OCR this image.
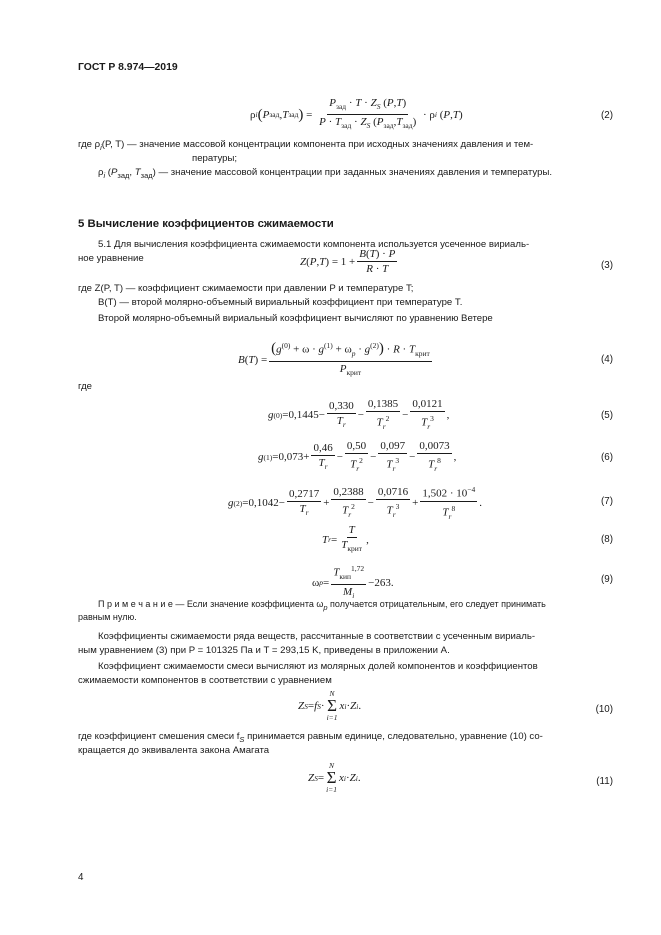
ГОСТ Р 8.974—2019
ρ i ( P зад , T зад ) = $\frac{P_{зад} \cdot T \cdot Z_S (P,T)}{P \cdot T_{зад} \cdot Z_S (P_{зад},T_{зад})} \cdot \rho$ i ( P , T )	(2)
где $\rho_i(P$, T) — значение массовой концентрации компонента при исходных значениях давления и тем-
пературы;
$\rho_i$ ($P_{зад}$, $T_{зад}$) — значение массовой концентрации при заданных значениях давления и температуры.
5 Вычисление коэффициентов сжимаемости
5.1 Для вычисления коэффициента сжимаемости компонента используется усеченное вириаль-
ное уравнение	Z ( P , T ) = $1 + \frac{B(T) \cdot P}{R \cdot T}$	(3)
где Z(P, T) — коэффициент сжимаемости при давлении P и температуре T;
B(T) — второй молярно-объемный вириальный коэффициент при температуре T.
Второй молярно-объемный вириальный коэффициент вычисляют по уравнению Ветере
B ( T ) = $\frac{(g^{(0)} + \omega \cdot g^{(1)} + \omega_p \cdot g^{(2)}) \cdot R \cdot T_{крит}}{P_{крит}}$	(4)
где
g $(0) = 0,1445 - \frac{0,330}{T_r} - \frac{0,1385}{T_r^2} - \frac{0,0121}{T_r^3}$ ,	(5)
g $(1) = 0,073 + \frac{0,46}{T_r} - \frac{0,50}{T_r^2} - \frac{0,097}{T_r^3} - \frac{0,0073}{T_r^8}$ ,	(6)
g $(2) = 0,1042 - \frac{0,2717}{T_r} + \frac{0,2388}{T_r^2} - \frac{0,0716}{T_r^3} + \frac{1,502 \cdot 10^{-4}}{T_r^8}$ .	(7)
T $r = \frac{T}{T_{крит}}$ ,	(8)
ω $p = \frac{T_{кип}^{1,72}}{M_i} - 263$ .	(9)
П р и м е ч а н и е — Если значение коэффициента $\omega_p$ получается отрицательным, его следует принимать
равным нулю.
Коэффициенты сжимаемости ряда веществ, рассчитанные в соответствии с усеченным вириаль-
ным уравнением (3) при P = 101325 Па и T = 293,15 K, приведены в приложении А.
Коэффициент сжимаемости смеси вычисляют из молярных долей компонентов и коэффициентов
сжимаемости компонентов в соответствии с уравнением
Z S = f S ·
N
Σ
i=1
x i · Z i .	(10)
где коэффициент смешения смеси $f_S$ принимается равным единице, следовательно, уравнение (10) со-
кращается до эквивалента закона Амагата
Z S =
N
Σ
i=1
x i · Z i .	(11)
4
